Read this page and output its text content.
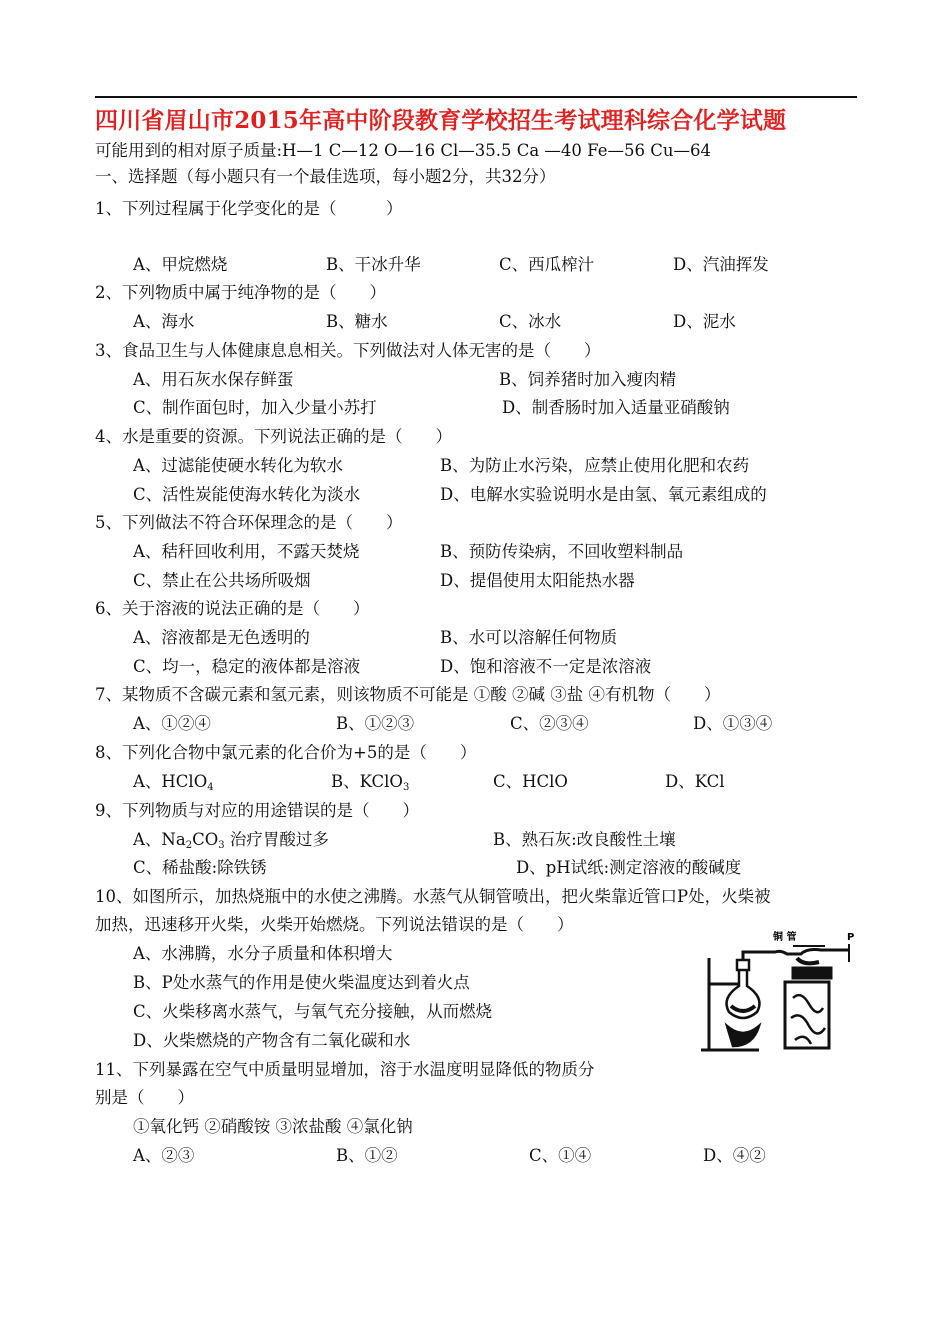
四川省眉山市2015年高中阶段教育学校招生考试理科综合化学试题
可能用到的相对原子质量:H—1 C—12 O—16 Cl—35.5 Ca —40 Fe—56 Cu—64
一、选择题（每小题只有一个最佳选项，每小题2分，共32分）
1、下列过程属于化学变化的是（　　　）
A、甲烷燃烧	B、干冰升华	C、西瓜榨汁	D、汽油挥发
2、下列物质中属于纯净物的是（　　）
A、海水	B、糖水	C、冰水	D、泥水
3、食品卫生与人体健康息息相关。下列做法对人体无害的是（　　）
A、用石灰水保存鲜蛋	B、饲养猪时加入瘦肉精
C、制作面包时，加入少量小苏打	D、制香肠时加入适量亚硝酸钠
4、水是重要的资源。下列说法正确的是（　　）
A、过滤能使硬水转化为软水	B、为防止水污染，应禁止使用化肥和农药
C、活性炭能使海水转化为淡水	D、电解水实验说明水是由氢、氧元素组成的
5、下列做法不符合环保理念的是（　　）
A、秸秆回收利用，不露天焚烧	B、预防传染病，不回收塑料制品
C、禁止在公共场所吸烟	D、提倡使用太阳能热水器
6、关于溶液的说法正确的是（　　）
A、溶液都是无色透明的	B、水可以溶解任何物质
C、均一，稳定的液体都是溶液	D、饱和溶液不一定是浓溶液
7、某物质不含碳元素和氢元素，则该物质不可能是 ①酸 ②碱 ③盐 ④有机物（　　）
A、①②④	B、①②③	C、②③④	D、①③④
8、下列化合物中氯元素的化合价为+5的是（　　）
A、HClO$_4$	B、KClO$_3$	C、HClO	D、KCl
9、下列物质与对应的用途错误的是（　　）
A、$Na_2CO_3$ 治疗胃酸过多	B、熟石灰:改良酸性土壤
C、稀盐酸:除铁锈	D、pH试纸:测定溶液的酸碱度
10、如图所示，加热烧瓶中的水使之沸腾。水蒸气从铜管喷出，把火柴靠近管口P处，火柴被
加热，迅速移开火柴，火柴开始燃烧。下列说法错误的是（　　）
A、水沸腾，水分子质量和体积增大
B、P处水蒸气的作用是使火柴温度达到着火点
C、火柴移离水蒸气，与氧气充分接触，从而燃烧
D、火柴燃烧的产物含有二氧化碳和水
铜 管	P
11、下列暴露在空气中质量明显增加，溶于水温度明显降低的物质分
别是（　　）
①氧化钙 ②硝酸铵 ③浓盐酸 ④氯化钠
A、②③	B、①②	C、①④	D、④②
